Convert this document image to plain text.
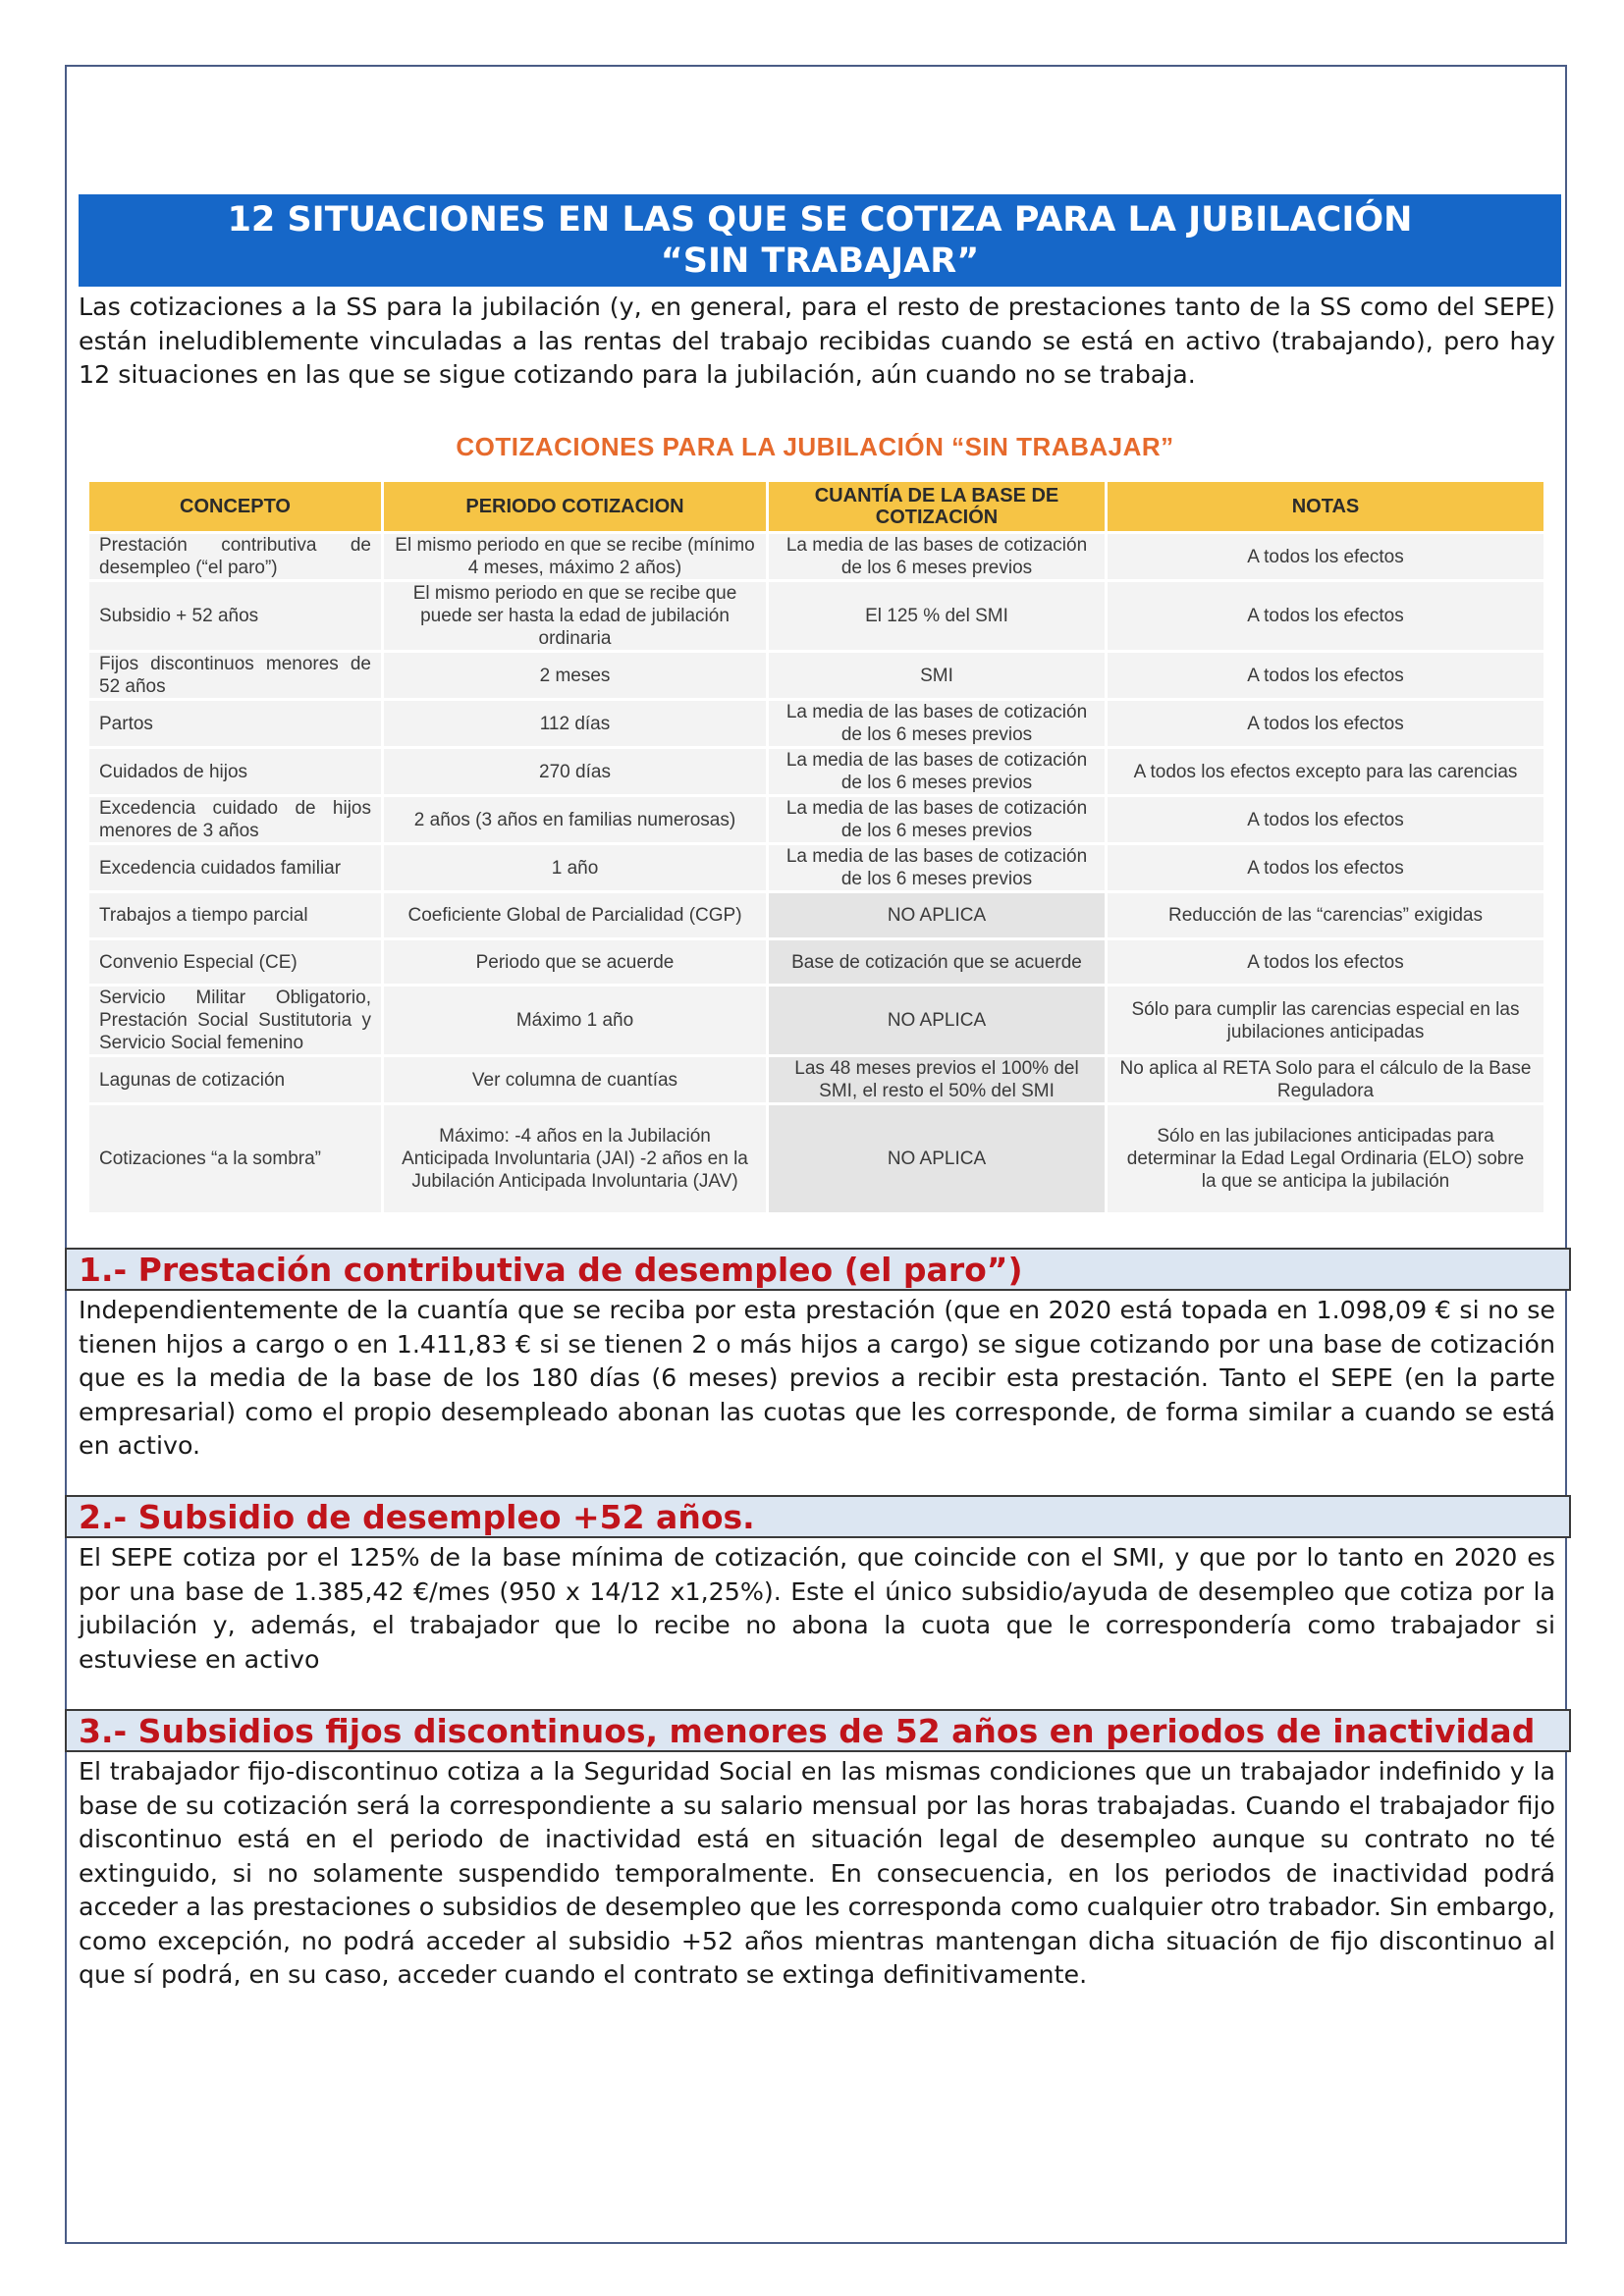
12 SITUACIONES EN LAS QUE SE COTIZA PARA LA JUBILACIÓN
“SIN TRABAJAR”
Las cotizaciones a la SS para la jubilación (y, en general, para el resto de prestaciones tanto de la SS como del SEPE) están ineludiblemente vinculadas a las rentas del trabajo recibidas cuando se está en activo (trabajando), pero hay 12 situaciones en las que se sigue cotizando para la jubilación, aún cuando no se trabaja.
COTIZACIONES PARA LA JUBILACIÓN “SIN TRABAJAR”
CONCEPTO	PERIODO COTIZACION	CUANTÍA DE LA BASE DE COTIZACIÓN	NOTAS
Prestación contributiva de desempleo (“el paro”)	El mismo periodo en que se recibe (mínimo 4 meses, máximo 2 años)	La media de las bases de cotización de los 6 meses previos	A todos los efectos
Subsidio + 52 años	El mismo periodo en que se recibe que puede ser hasta la edad de jubilación ordinaria	El 125 % del SMI	A todos los efectos
Fijos discontinuos menores de 52 años	2 meses	SMI	A todos los efectos
Partos	112 días	La media de las bases de cotización de los 6 meses previos	A todos los efectos
Cuidados de hijos	270 días	La media de las bases de cotización de los 6 meses previos	A todos los efectos excepto para las carencias
Excedencia cuidado de hijos menores de 3 años	2 años (3 años en familias numerosas)	La media de las bases de cotización de los 6 meses previos	A todos los efectos
Excedencia cuidados familiar	1 año	La media de las bases de cotización de los 6 meses previos	A todos los efectos
Trabajos a tiempo parcial	Coeficiente Global de Parcialidad (CGP)	NO APLICA	Reducción de las “carencias” exigidas
Convenio Especial (CE)	Periodo que se acuerde	Base de cotización que se acuerde	A todos los efectos
Servicio Militar Obligatorio, Prestación Social Sustitutoria y Servicio Social femenino	Máximo 1 año	NO APLICA	Sólo para cumplir las carencias especial en las jubilaciones anticipadas
Lagunas de cotización	Ver columna de cuantías	Las 48 meses previos el 100% del SMI, el resto el 50% del SMI	No aplica al RETA Solo para el cálculo de la Base Reguladora
Cotizaciones “a la sombra”	Máximo: -4 años en la Jubilación Anticipada Involuntaria (JAI) -2 años en la Jubilación Anticipada Involuntaria (JAV)	NO APLICA	Sólo en las jubilaciones anticipadas para determinar la Edad Legal Ordinaria (ELO) sobre la que se anticipa la jubilación
1.- Prestación contributiva de desempleo (el paro”)
Independientemente de la cuantía que se reciba por esta prestación (que en 2020 está topada en 1.098,09 € si no se tienen hijos a cargo o en 1.411,83 € si se tienen 2 o más hijos a cargo) se sigue cotizando por una base de cotización que es la media de la base de los 180 días (6 meses) previos a recibir esta prestación. Tanto el SEPE (en la parte empresarial) como el propio desempleado abonan las cuotas que les corresponde, de forma similar a cuando se está en activo.
2.- Subsidio de desempleo +52 años.
El SEPE cotiza por el 125% de la base mínima de cotización, que coincide con el SMI, y que por lo tanto en 2020 es por una base de 1.385,42 €/mes (950 x 14/12 x1,25%). Este el único subsidio/ayuda de desempleo que cotiza por la jubilación y, además, el trabajador que lo recibe no abona la cuota que le correspondería como trabajador si estuviese en activo
3.- Subsidios fijos discontinuos, menores de 52 años en periodos de inactividad
El trabajador fijo-discontinuo cotiza a la Seguridad Social en las mismas condiciones que un trabajador indefinido y la base de su cotización será la correspondiente a su salario mensual por las horas trabajadas. Cuando el trabajador fijo discontinuo está en el periodo de inactividad está en situación legal de desempleo aunque su contrato no té extinguido, si no solamente suspendido temporalmente. En consecuencia, en los periodos de inactividad podrá acceder a las prestaciones o subsidios de desempleo que les corresponda como cualquier otro trabador. Sin embargo, como excepción, no podrá acceder al subsidio +52 años mientras mantengan dicha situación de fijo discontinuo al que sí podrá, en su caso, acceder cuando el contrato se extinga definitivamente.
